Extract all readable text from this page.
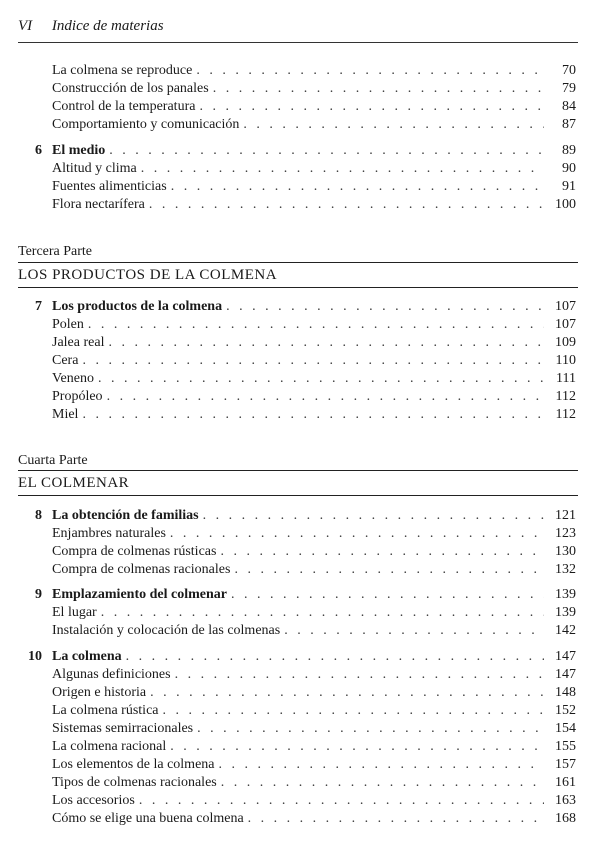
VI Indice de materias
La colmena se reproduce . . .	70
Construcción de los panales . . .	79
Control de la temperatura . . .	84
Comportamiento y comunicación . . .	87
6 El medio . . .	89
Altitud y clima . . .	90
Fuentes alimenticias . . .	91
Flora nectarífera . . .	100
Tercera Parte
LOS PRODUCTOS DE LA COLMENA
7 Los productos de la colmena . . .	107
Polen . . .	107
Jalea real . . .	109
Cera . . .	110
Veneno . . .	111
Propóleo . . .	112
Miel . . .	112
Cuarta Parte
EL COLMENAR
8 La obtención de familias . . .	121
Enjambres naturales . . .	123
Compra de colmenas rústicas . . .	130
Compra de colmenas racionales . . .	132
9 Emplazamiento del colmenar . . .	139
El lugar . . .	139
Instalación y colocación de las colmenas . . .	142
10 La colmena . . .	147
Algunas definiciones . . .	147
Origen e historia . . .	148
La colmena rústica . . .	152
Sistemas semirracionales . . .	154
La colmena racional . . .	155
Los elementos de la colmena . . .	157
Tipos de colmenas racionales . . .	161
Los accesorios . . .	163
Cómo se elige una buena colmena . . .	168
